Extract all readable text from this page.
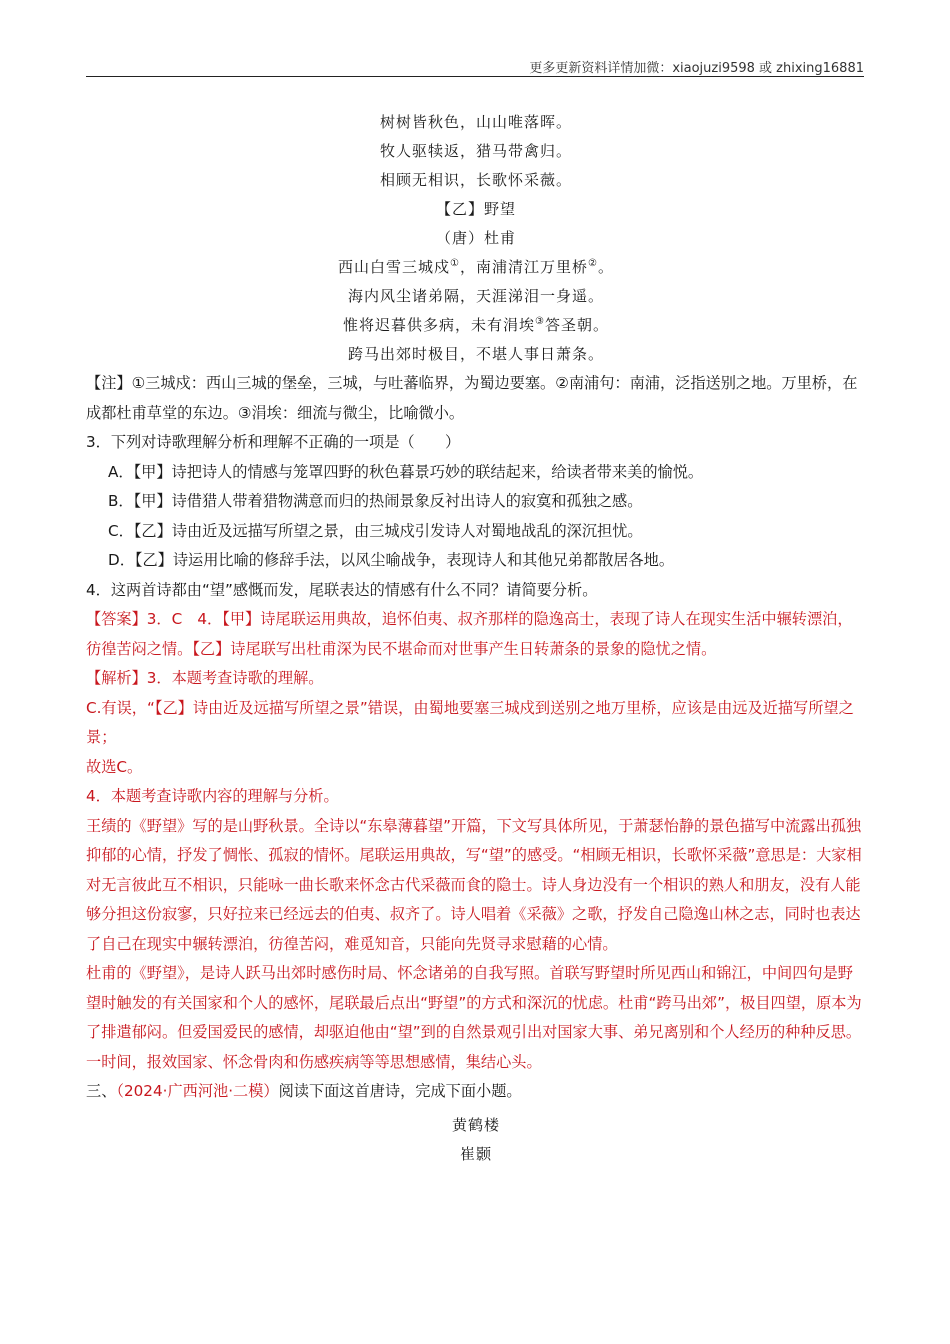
更多更新资料详情加微：xiaojuzi9598 或 zhixing16881
树树皆秋色，山山唯落晖。
牧人驱犊返，猎马带禽归。
相顾无相识，长歌怀采薇。
【乙】野望
（唐）杜甫
西山白雪三城戍①，南浦清江万里桥②。
海内风尘诸弟隔，天涯涕泪一身遥。
惟将迟暮供多病，未有涓埃③答圣朝。
跨马出郊时极目，不堪人事日萧条。

【注】①三城戍：西山三城的堡垒，三城，与吐蕃临界，为蜀边要塞。②南浦句：南浦，泛指送别之地。万里桥，在成都杜甫草堂的东边。③涓埃：细流与微尘，比喻微小。

3．下列对诗歌理解分析和理解不正确的一项是（　　）

A．【甲】诗把诗人的情感与笼罩四野的秋色暮景巧妙的联结起来，给读者带来美的愉悦。

B．【甲】诗借猎人带着猎物满意而归的热闹景象反衬出诗人的寂寞和孤独之感。

C．【乙】诗由近及远描写所望之景，由三城戍引发诗人对蜀地战乱的深沉担忧。

D．【乙】诗运用比喻的修辞手法，以风尘喻战争，表现诗人和其他兄弟都散居各地。

4．这两首诗都由“望”感慨而发，尾联表达的情感有什么不同？请简要分析。

【答案】3．C　4．【甲】诗尾联运用典故，追怀伯夷、叔齐那样的隐逸高士，表现了诗人在现实生活中辗转漂泊，彷徨苦闷之情。【乙】诗尾联写出杜甫深为民不堪命而对世事产生日转萧条的景象的隐忧之情。

【解析】3．本题考查诗歌的理解。

C.有误，“【乙】诗由近及远描写所望之景”错误，由蜀地要塞三城戍到送别之地万里桥，应该是由远及近描写所望之景；

故选C。

4．本题考查诗歌内容的理解与分析。

王绩的《野望》写的是山野秋景。全诗以“东皋薄暮望”开篇，下文写具体所见，于萧瑟怡静的景色描写中流露出孤独抑郁的心情，抒发了惆怅、孤寂的情怀。尾联运用典故，写“望”的感受。“相顾无相识，长歌怀采薇”意思是：大家相对无言彼此互不相识，只能咏一曲长歌来怀念古代采薇而食的隐士。诗人身边没有一个相识的熟人和朋友，没有人能够分担这份寂寥，只好拉来已经远去的伯夷、叔齐了。诗人唱着《采薇》之歌，抒发自己隐逸山林之志，同时也表达了自己在现实中辗转漂泊，彷徨苦闷，难觅知音，只能向先贤寻求慰藉的心情。

杜甫的《野望》，是诗人跃马出郊时感伤时局、怀念诸弟的自我写照。首联写野望时所见西山和锦江，中间四句是野望时触发的有关国家和个人的感怀，尾联最后点出“野望”的方式和深沉的忧虑。杜甫“跨马出郊”，极目四望，原本为了排遣郁闷。但爱国爱民的感情，却驱迫他由“望”到的自然景观引出对国家大事、弟兄离别和个人经历的种种反思。一时间，报效国家、怀念骨肉和伤感疾病等等思想感情，集结心头。

三、（2024·广西河池·二模）阅读下面这首唐诗，完成下面小题。

黄鹤楼
崔颢
